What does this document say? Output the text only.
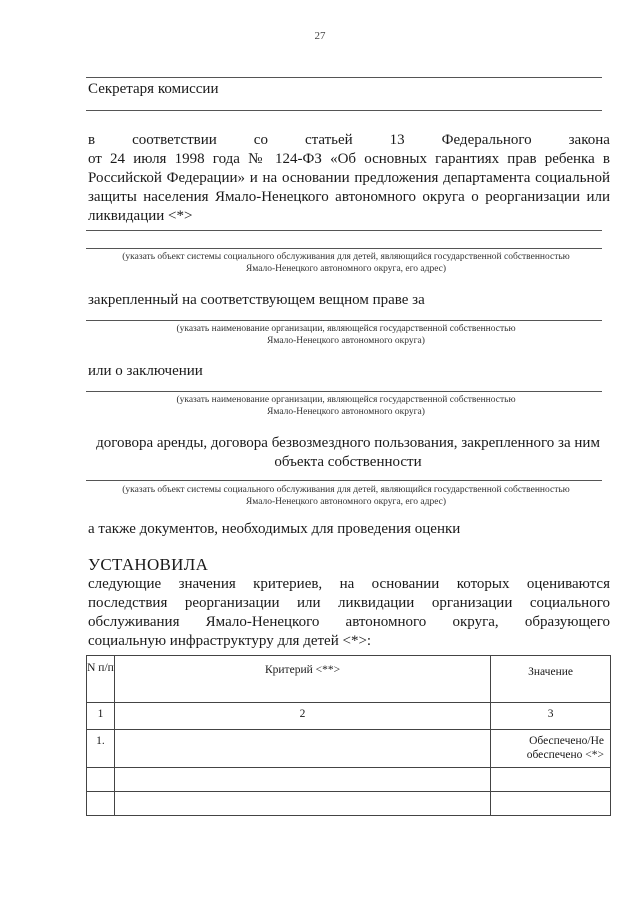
27
Секретаря комиссии
в соответствии со статьей 13 Федерального закона
от 24 июля 1998 года № 124-ФЗ «Об основных гарантиях прав ребенка в
Российской Федерации» и на основании предложения департамента социальной
защиты населения Ямало-Ненецкого автономного округа о реорганизации или
ликвидации <*>
(указать объект системы социального обслуживания для детей, являющийся государственной собственностью
Ямало-Ненецкого автономного округа, его адрес)
закрепленный на соответствующем вещном праве за
(указать наименование организации, являющейся государственной собственностью
Ямало-Ненецкого автономного округа)
или о заключении
(указать наименование организации, являющейся государственной собственностью
Ямало-Ненецкого автономного округа)
договора аренды, договора безвозмездного пользования, закрепленного за ним
объекта собственности
(указать объект системы социального обслуживания для детей, являющийся государственной собственностью
Ямало-Ненецкого автономного округа, его адрес)
а также документов, необходимых для проведения оценки
УСТАНОВИЛА
следующие значения критериев, на основании которых оцениваются
последствия реорганизации или ликвидации организации социального
обслуживания Ямало-Ненецкого автономного округа, образующего
социальную инфраструктуру для детей <*>:
N п/п	Критерий <**>	Значение
1	2	3
1.		Обеспечено/Не обеспечено <*>
